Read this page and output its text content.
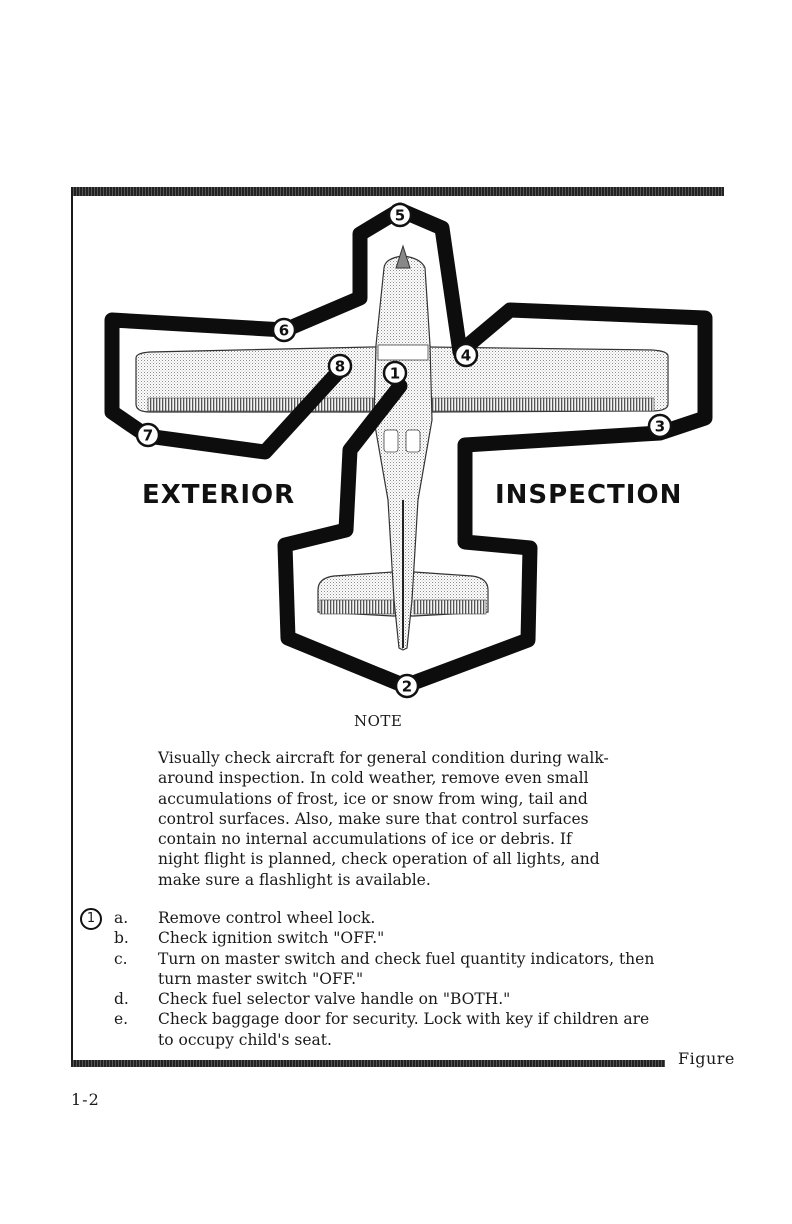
Figure
1
2
3
4
5
6
7
8
EXTERIOR	INSPECTION
NOTE
Visually check aircraft for general condition during walk-
around inspection. In cold weather, remove even small
accumulations of frost, ice or snow from wing, tail and
control surfaces. Also, make sure that control surfaces
contain no internal accumulations of ice or debris. If
night flight is planned, check operation of all lights, and
make sure a flashlight is available.
1	a.	Remove control wheel lock.
b.	Check ignition switch "OFF."
c.	Turn on master switch and check fuel quantity indicators, then
turn master switch "OFF."
d.	Check fuel selector valve handle on "BOTH."
e.	Check baggage door for security. Lock with key if children are
to occupy child's seat.
1-2
